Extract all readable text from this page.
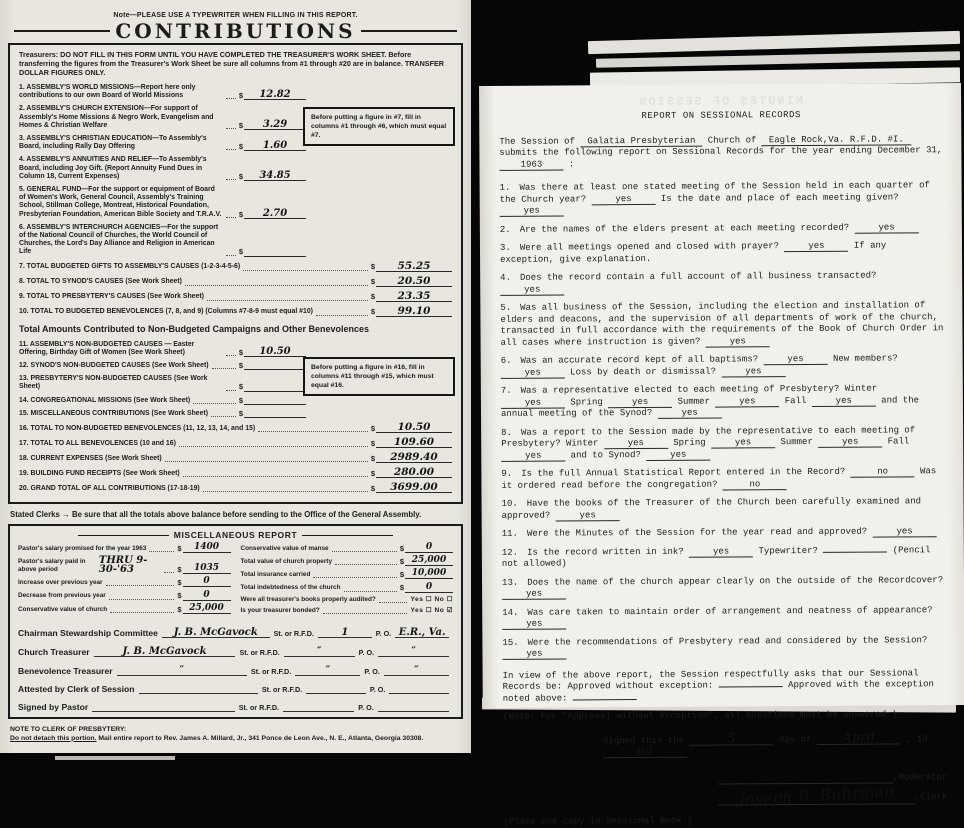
Note—PLEASE USE A TYPEWRITER WHEN FILLING IN THIS REPORT.
CONTRIBUTIONS
Treasurers: DO NOT FILL IN THIS FORM UNTIL YOU HAVE COMPLETED THE TREASURER'S WORK SHEET. Before transferring the figures from the Treasurer's Work Sheet be sure all columns from #1 through #20 are in balance. TRANSFER DOLLAR FIGURES ONLY.
Before putting a figure in #7, fill in columns #1 through #6, which must equal #7.
Before putting a figure in #16, fill in columns #11 through #15, which must equal #16.
1. ASSEMBLY'S WORLD MISSIONS—Report here only contributions to our own Board of World Missions	$	12.82
2. ASSEMBLY'S CHURCH EXTENSION—For support of Assembly's Home Missions & Negro Work, Evangelism and Homes & Christian Welfare	$	3.29
3. ASSEMBLY'S CHRISTIAN EDUCATION—To Assembly's Board, including Rally Day Offering	$	1.60
4. ASSEMBLY'S ANNUITIES AND RELIEF—To Assembly's Board, including Joy Gift. (Report Annuity Fund Dues in Column 18, Current Expenses)	$	34.85
5. GENERAL FUND—For the support or equipment of Board of Women's Work, General Council, Assembly's Training School, Stillman College, Montreat, Historical Foundation, Presbyterian Foundation, American Bible Society and T.R.A.V. $	2.70
6. ASSEMBLY'S INTERCHURCH AGENCIES—For the support of the National Council of Churches, the World Council of Churches, the Lord's Day Alliance and Religion in American Life	$
7. TOTAL BUDGETED GIFTS TO ASSEMBLY'S CAUSES (1-2-3-4-5-6)	$	55.25
8. TOTAL TO SYNOD'S CAUSES (See Work Sheet)	$	20.50
9. TOTAL TO PRESBYTERY'S CAUSES (See Work Sheet)	$	23.35
10. TOTAL TO BUDGETED BENEVOLENCES (7, 8, and 9) (Columns #7-8-9 must equal #10)	$	99.10
Total Amounts Contributed to Non-Budgeted Campaigns and Other Benevolences
11. ASSEMBLY'S NON-BUDGETED CAUSES — Easter Offering, Birthday Gift of Women (See Work Sheet)	$	10.50
12. SYNOD'S NON-BUDGETED CAUSES (See Work Sheet)	$
13. PRESBYTERY'S NON-BUDGETED CAUSES (See Work Sheet)	$
14. CONGREGATIONAL MISSIONS (See Work Sheet)	$
15. MISCELLANEOUS CONTRIBUTIONS (See Work Sheet)	$
16. TOTAL TO NON-BUDGETED BENEVOLENCES (11, 12, 13, 14, and 15)	$	10.50
17. TOTAL TO ALL BENEVOLENCES (10 and 16)	$	109.60
18. CURRENT EXPENSES (See Work Sheet)	$	2989.40
19. BUILDING FUND RECEIPTS (See Work Sheet)	$	280.00
20. GRAND TOTAL OF ALL CONTRIBUTIONS (17-18-19)	$	3699.00
Stated Clerks → Be sure that all the totals above balance before sending to the Office of the General Assembly.
MISCELLANEOUS REPORT
Pastor's salary promised for the year 1963	$	1400
Pastor's salary paid in above period
THRU 9-30-'63	$	1035
Increase over previous year	$	0
Decrease from previous year	$	0
Conservative value of church	$ 25,000
Conservative value of manse	$	0
Total value of church property	$ 25,000
Total insurance carried	$ 10,000
Total indebtedness of the church	$	0
Were all treasurer's books properly audited?	Yes ☐ No ☐
Is your treasurer bonded?	Yes ☐ No ☑
Chairman Stewardship Committee	J. B. McGavock	St. or R.F.D.	1	P. O. E.R., Va.
Church Treasurer	J. B. McGavock	St. or R.F.D.	″	P. O.	″
Benevolence Treasurer	″	St. or R.F.D.	″	P. O.	″
Attested by Clerk of Session	St. or R.F.D.	P. O.
Signed by Pastor	St. or R.F.D.	P. O.
NOTE TO CLERK OF PRESBYTERY:
Do not detach this portion. Mail entire report to Rev. James A. Millard, Jr., 341 Ponce de Leon Ave., N. E., Atlanta, Georgia 30308.
MINUTES OF SESSION
REPORT ON SESSIONAL RECORDS
The Session of Galatia Presbyterian Church of Eagle Rock,Va. R.F.D. #I. submits the following report on Sessional Records for the year ending December 31, 1963 :
1. Was there at least one stated meeting of the Session held in each quarter of the Church year?	yes	Is the date and place of each meeting given? yes
2. Are the names of the elders present at each meeting recorded?	yes
3. Were all meetings opened and closed with prayer?	yes	If any exception, give explanation.
4. Does the record contain a full account of all business transacted? yes
5. Was all business of the Session, including the election and installation of elders and deacons, and the supervision of all departments of work of the church, transacted in full accordance with the requirements of the Book of Church Order in all cases where instruction is given?	yes
6. Was an accurate record kept of all baptisms?	yes	New members? yes	Loss by death or dismissal?	yes
7. Was a representative elected to each meeting of Presbytery? Winter yes	Spring	yes	Summer	yes	Fall	yes	and the annual meeting of the Synod?	yes
8. Was a report to the Session made by the representative to each meeting of Presbytery? Winter	yes	Spring	yes	Summer	yes	Fall yes	and to Synod?	yes
9. Is the full Annual Statistical Report entered in the Record?	no	Was it ordered read before the congregation?	no
10. Have the books of the Treasurer of the Church been carefully examined and approved?	yes
11. Were the Minutes of the Session for the year read and approved?	yes
12. Is the record written in ink?	yes	Typewriter?	(Pencil not allowed)
13. Does the name of the church appear clearly on the outside of the Recordcover? yes
14. Was care taken to maintain order of arrangement and neatness of appearance? yes
15. Were the recommendations of Presbytery read and considered by the Session? yes
In view of the above report, the Session respectfully asks that our Sessional Records be: Approved without exception:	Approved with the exception noted above:
(Note: For "Approval without exception", all questions must be answered.)
Signed this the	5	day of April	, 19 64
,Moderator
Joseph B. Buhrman	,Clerk
(Place one copy in Sessional Book.)
